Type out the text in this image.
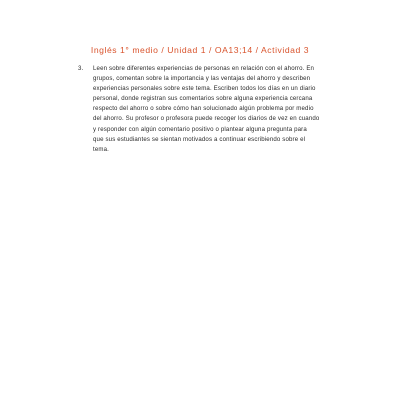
Inglés 1° medio / Unidad 1 / OA13;14 / Actividad 3
3. Leen sobre diferentes experiencias de personas en relación con el ahorro. En
grupos, comentan sobre la importancia y las ventajas del ahorro y describen
experiencias personales sobre este tema. Escriben todos los días en un diario
personal, donde registran sus comentarios sobre alguna experiencia cercana
respecto del ahorro o sobre cómo han solucionado algún problema por medio
del ahorro. Su profesor o profesora puede recoger los diarios de vez en cuando
y responder con algún comentario positivo o plantear alguna pregunta para
que sus estudiantes se sientan motivados a continuar escribiendo sobre el
tema.
